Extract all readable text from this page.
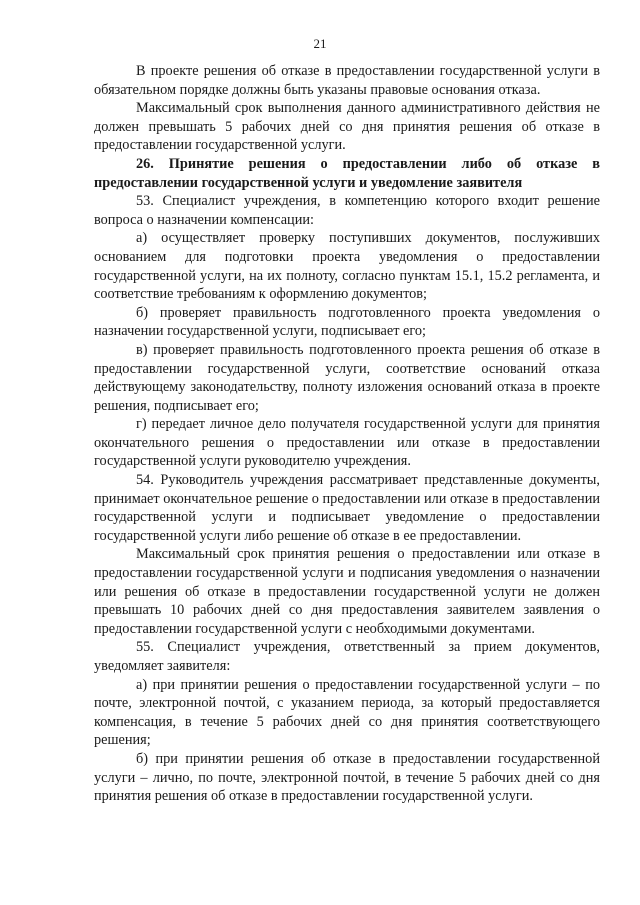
21

В проекте решения об отказе в предоставлении государственной услуги в обязательном порядке должны быть указаны правовые основания отказа.

Максимальный срок выполнения данного административного действия не должен превышать 5 рабочих дней со дня принятия решения об отказе в предоставлении государственной услуги.

26. Принятие решения о предоставлении либо об отказе в предоставлении государственной услуги и уведомление заявителя

53. Специалист учреждения, в компетенцию которого входит решение вопроса о назначении компенсации:

а) осуществляет проверку поступивших документов, послуживших основанием для подготовки проекта уведомления о предоставлении государственной услуги, на их полноту, согласно пунктам 15.1, 15.2 регламента, и соответствие требованиям к оформлению документов;

б) проверяет правильность подготовленного проекта уведомления о назначении государственной услуги, подписывает его;

в) проверяет правильность подготовленного проекта решения об отказе в предоставлении государственной услуги, соответствие оснований отказа действующему законодательству, полноту изложения оснований отказа в проекте решения, подписывает его;

г) передает личное дело получателя государственной услуги для принятия окончательного решения о предоставлении или отказе в предоставлении государственной услуги руководителю учреждения.

54. Руководитель учреждения рассматривает представленные документы, принимает окончательное решение о предоставлении или отказе в предоставлении государственной услуги и подписывает уведомление о предоставлении государственной услуги либо решение об отказе в ее предоставлении.

Максимальный срок принятия решения о предоставлении или отказе в предоставлении государственной услуги и подписания уведомления о назначении или решения об отказе в предоставлении государственной услуги не должен превышать 10 рабочих дней со дня предоставления заявителем заявления о предоставлении государственной услуги с необходимыми документами.

55. Специалист учреждения, ответственный за прием документов, уведомляет заявителя:

а) при принятии решения о предоставлении государственной услуги – по почте, электронной почтой, с указанием периода, за который предоставляется компенсация, в течение 5 рабочих дней со дня принятия соответствующего решения;

б) при принятии решения об отказе в предоставлении государственной услуги – лично, по почте, электронной почтой, в течение 5 рабочих дней со дня принятия решения об отказе в предоставлении государственной услуги.
